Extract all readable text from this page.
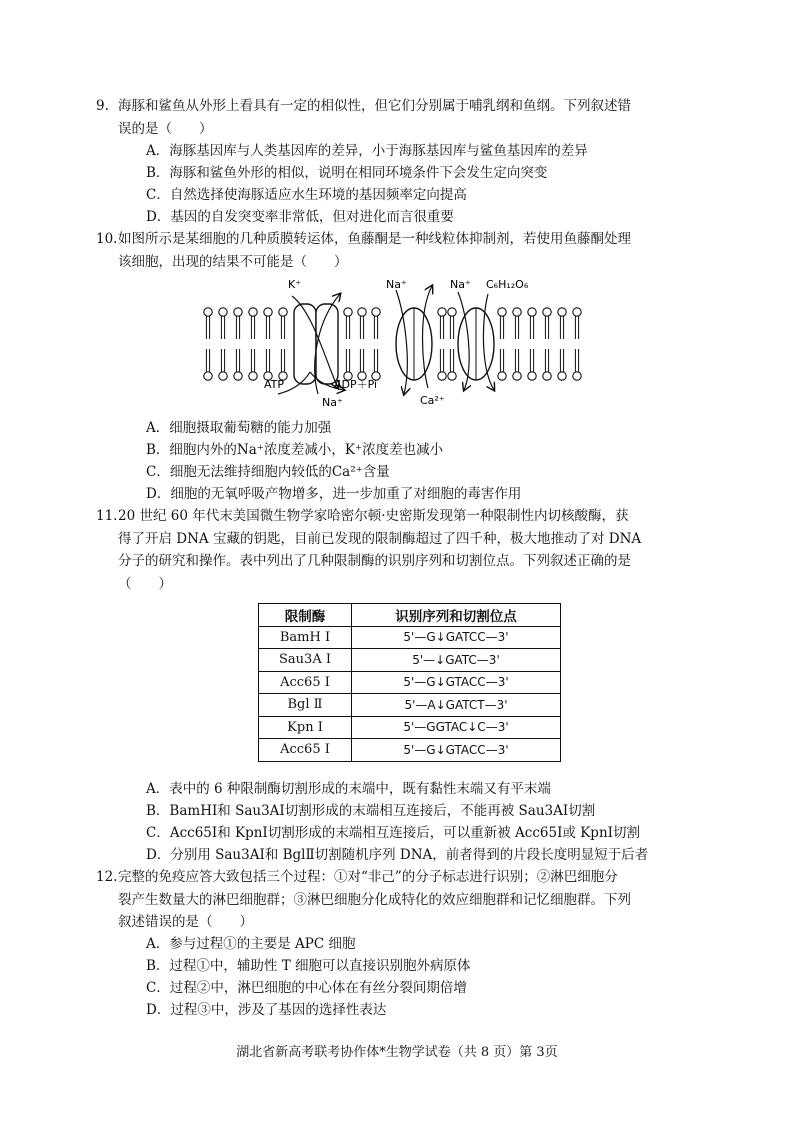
9. 海豚和鲨鱼从外形上看具有一定的相似性，但它们分别属于哺乳纲和鱼纲。下列叙述错
误的是（　　）
A．海豚基因库与人类基因库的差异，小于海豚基因库与鲨鱼基因库的差异
B．海豚和鲨鱼外形的相似，说明在相同环境条件下会发生定向突变
C．自然选择使海豚适应水生环境的基因频率定向提高
D．基因的自发突变率非常低，但对进化而言很重要
10. 如图所示是某细胞的几种质膜转运体，鱼藤酮是一种线粒体抑制剂，若使用鱼藤酮处理
该细胞，出现的结果不可能是（　　）
K⁺	Na⁺	Na⁺ C₆H₁₂O₆
ATP	ADP＋Pi
Na⁺	Ca²⁺
A．细胞摄取葡萄糖的能力加强
B．细胞内外的Na⁺浓度差减小，K⁺浓度差也减小
C．细胞无法维持细胞内较低的Ca²⁺含量
D．细胞的无氧呼吸产物增多，进一步加重了对细胞的毒害作用
11. 20 世纪 60 年代末美国微生物学家哈密尔顿·史密斯发现第一种限制性内切核酸酶，获
得了开启 DNA 宝藏的钥匙，目前已发现的限制酶超过了四千种，极大地推动了对 DNA
分子的研究和操作。表中列出了几种限制酶的识别序列和切割位点。下列叙述正确的是
（　　）
限制酶	识别序列和切割位点
BamH Ⅰ	5'—G↓GATCC—3'
Sau3A Ⅰ	5'—↓GATC—3'
Acc65 Ⅰ	5'—G↓GTACC—3'
Bgl Ⅱ	5'—A↓GATCT—3'
Kpn Ⅰ	5'—GGTAC↓C—3'
Acc65 Ⅰ	5'—G↓GTACC—3'
A．表中的 6 种限制酶切割形成的末端中，既有黏性末端又有平末端
B．BamHⅠ和 Sau3AⅠ切割形成的末端相互连接后，不能再被 Sau3AⅠ切割
C．Acc65Ⅰ和 KpnⅠ切割形成的末端相互连接后，可以重新被 Acc65Ⅰ或 KpnⅠ切割
D．分别用 Sau3AⅠ和 BglⅡ切割随机序列 DNA，前者得到的片段长度明显短于后者
12. 完整的免疫应答大致包括三个过程：①对“非己”的分子标志进行识别；②淋巴细胞分
裂产生数量大的淋巴细胞群；③淋巴细胞分化成特化的效应细胞群和记忆细胞群。下列
叙述错误的是（　　）
A．参与过程①的主要是 APC 细胞
B．过程①中，辅助性 T 细胞可以直接识别胞外病原体
C．过程②中，淋巴细胞的中心体在有丝分裂间期倍增
D．过程③中，涉及了基因的选择性表达
湖北省新高考联考协作体*生物学试卷（共 8 页）第 3页
